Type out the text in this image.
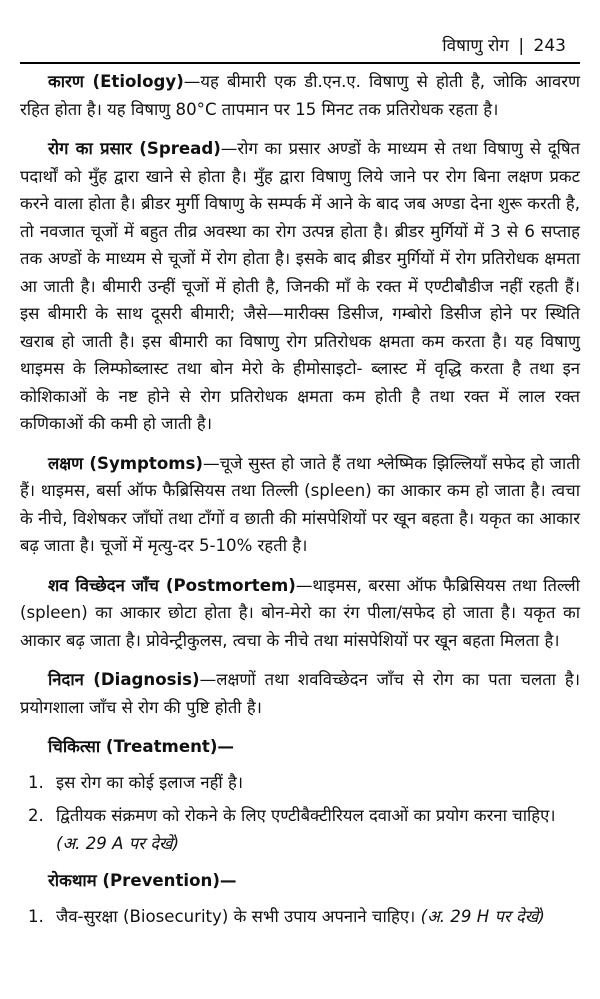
विषाणु रोग | 243

कारण (Etiology)—यह बीमारी एक डी.एन.ए. विषाणु से होती है, जोकि आवरण रहित होता है। यह विषाणु 80°C तापमान पर 15 मिनट तक प्रतिरोधक रहता है।

रोग का प्रसार (Spread)—रोग का प्रसार अण्डों के माध्यम से तथा विषाणु से दूषित पदार्थों को मुँह द्वारा खाने से होता है। मुँह द्वारा विषाणु लिये जाने पर रोग बिना लक्षण प्रकट करने वाला होता है। ब्रीडर मुर्गी विषाणु के सम्पर्क में आने के बाद जब अण्डा देना शुरू करती है, तो नवजात चूजों में बहुत तीव्र अवस्था का रोग उत्पन्न होता है। ब्रीडर मुर्गियों में 3 से 6 सप्ताह तक अण्डों के माध्यम से चूजों में रोग होता है। इसके बाद ब्रीडर मुर्गियों में रोग प्रतिरोधक क्षमता आ जाती है। बीमारी उन्हीं चूजों में होती है, जिनकी माँ के रक्त में एण्टीबौडीज नहीं रहती हैं। इस बीमारी के साथ दूसरी बीमारी; जैसे—मारीक्स डिसीज, गम्बोरो डिसीज होने पर स्थिति खराब हो जाती है। इस बीमारी का विषाणु रोग प्रतिरोधक क्षमता कम करता है। यह विषाणु थाइमस के लिम्फोब्लास्ट तथा बोन मेरो के हीमोसाइटो- ब्लास्ट में वृद्धि करता है तथा इन कोशिकाओं के नष्ट होने से रोग प्रतिरोधक क्षमता कम होती है तथा रक्त में लाल रक्त कणिकाओं की कमी हो जाती है।

लक्षण (Symptoms)—चूजे सुस्त हो जाते हैं तथा श्लेष्मिक झिल्लियाँ सफेद हो जाती हैं। थाइमस, बर्सा ऑफ फैब्रिसियस तथा तिल्ली (spleen) का आकार कम हो जाता है। त्वचा के नीचे, विशेषकर जाँघों तथा टाँगों व छाती की मांसपेशियों पर खून बहता है। यकृत का आकार बढ़ जाता है। चूजों में मृत्यु-दर 5-10% रहती है।

शव विच्छेदन जाँच (Postmortem)—थाइमस, बरसा ऑफ फैब्रिसियस तथा तिल्ली (spleen) का आकार छोटा होता है। बोन-मेरो का रंग पीला/सफेद हो जाता है। यकृत का आकार बढ़ जाता है। प्रोवेन्ट्रीकुलस, त्वचा के नीचे तथा मांसपेशियों पर खून बहता मिलता है।

निदान (Diagnosis)—लक्षणों तथा शवविच्छेदन जाँच से रोग का पता चलता है। प्रयोगशाला जाँच से रोग की पुष्टि होती है।

चिकित्सा (Treatment)—
1. इस रोग का कोई इलाज नहीं है।
2. द्वितीयक संक्रमण को रोकने के लिए एण्टीबैक्टीरियल दवाओं का प्रयोग करना चाहिए। (अ. 29 A पर देखें)
रोकथाम (Prevention)—
1. जैव-सुरक्षा (Biosecurity) के सभी उपाय अपनाने चाहिए। (अ. 29 H पर देखें)
